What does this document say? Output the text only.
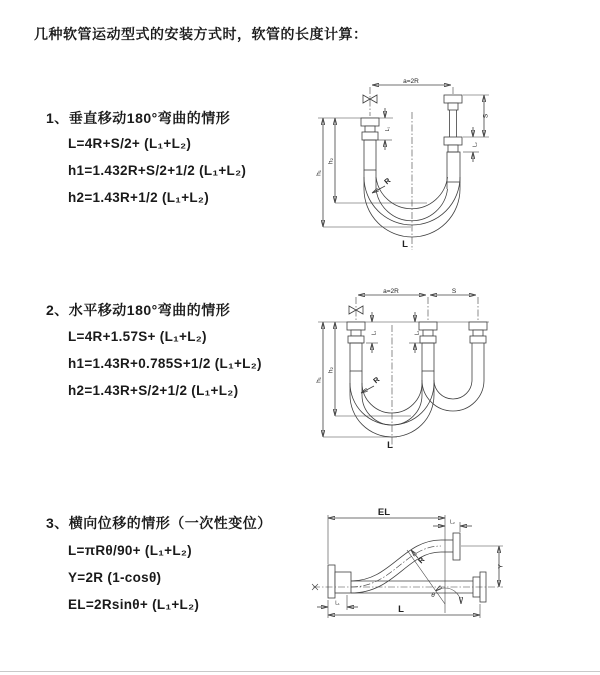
几种软管运动型式的安装方式时，软管的长度计算：
1、垂直移动180°弯曲的情形
L=4R+S/2+ (L₁+L₂)
h1=1.432R+S/2+1/2 (L₁+L₂)
h2=1.43R+1/2 (L₁+L₂)
2、水平移动180°弯曲的情形
L=4R+1.57S+ (L₁+L₂)
h1=1.43R+0.785S+1/2 (L₁+L₂)
h2=1.43R+S/2+1/2 (L₁+L₂)
3、横向位移的情形（一次性变位）
L=πRθ/90+ (L₁+L₂)
Y=2R (1-cosθ)
EL=2Rsinθ+ (L₁+L₂)
a=2R
h₁
h₂
L₁
S
L₂
R
L
a=2R	S
h₁
h₂
L₁	L₂
R
L
EL
L₂
Y
L
L₁
R
θ
